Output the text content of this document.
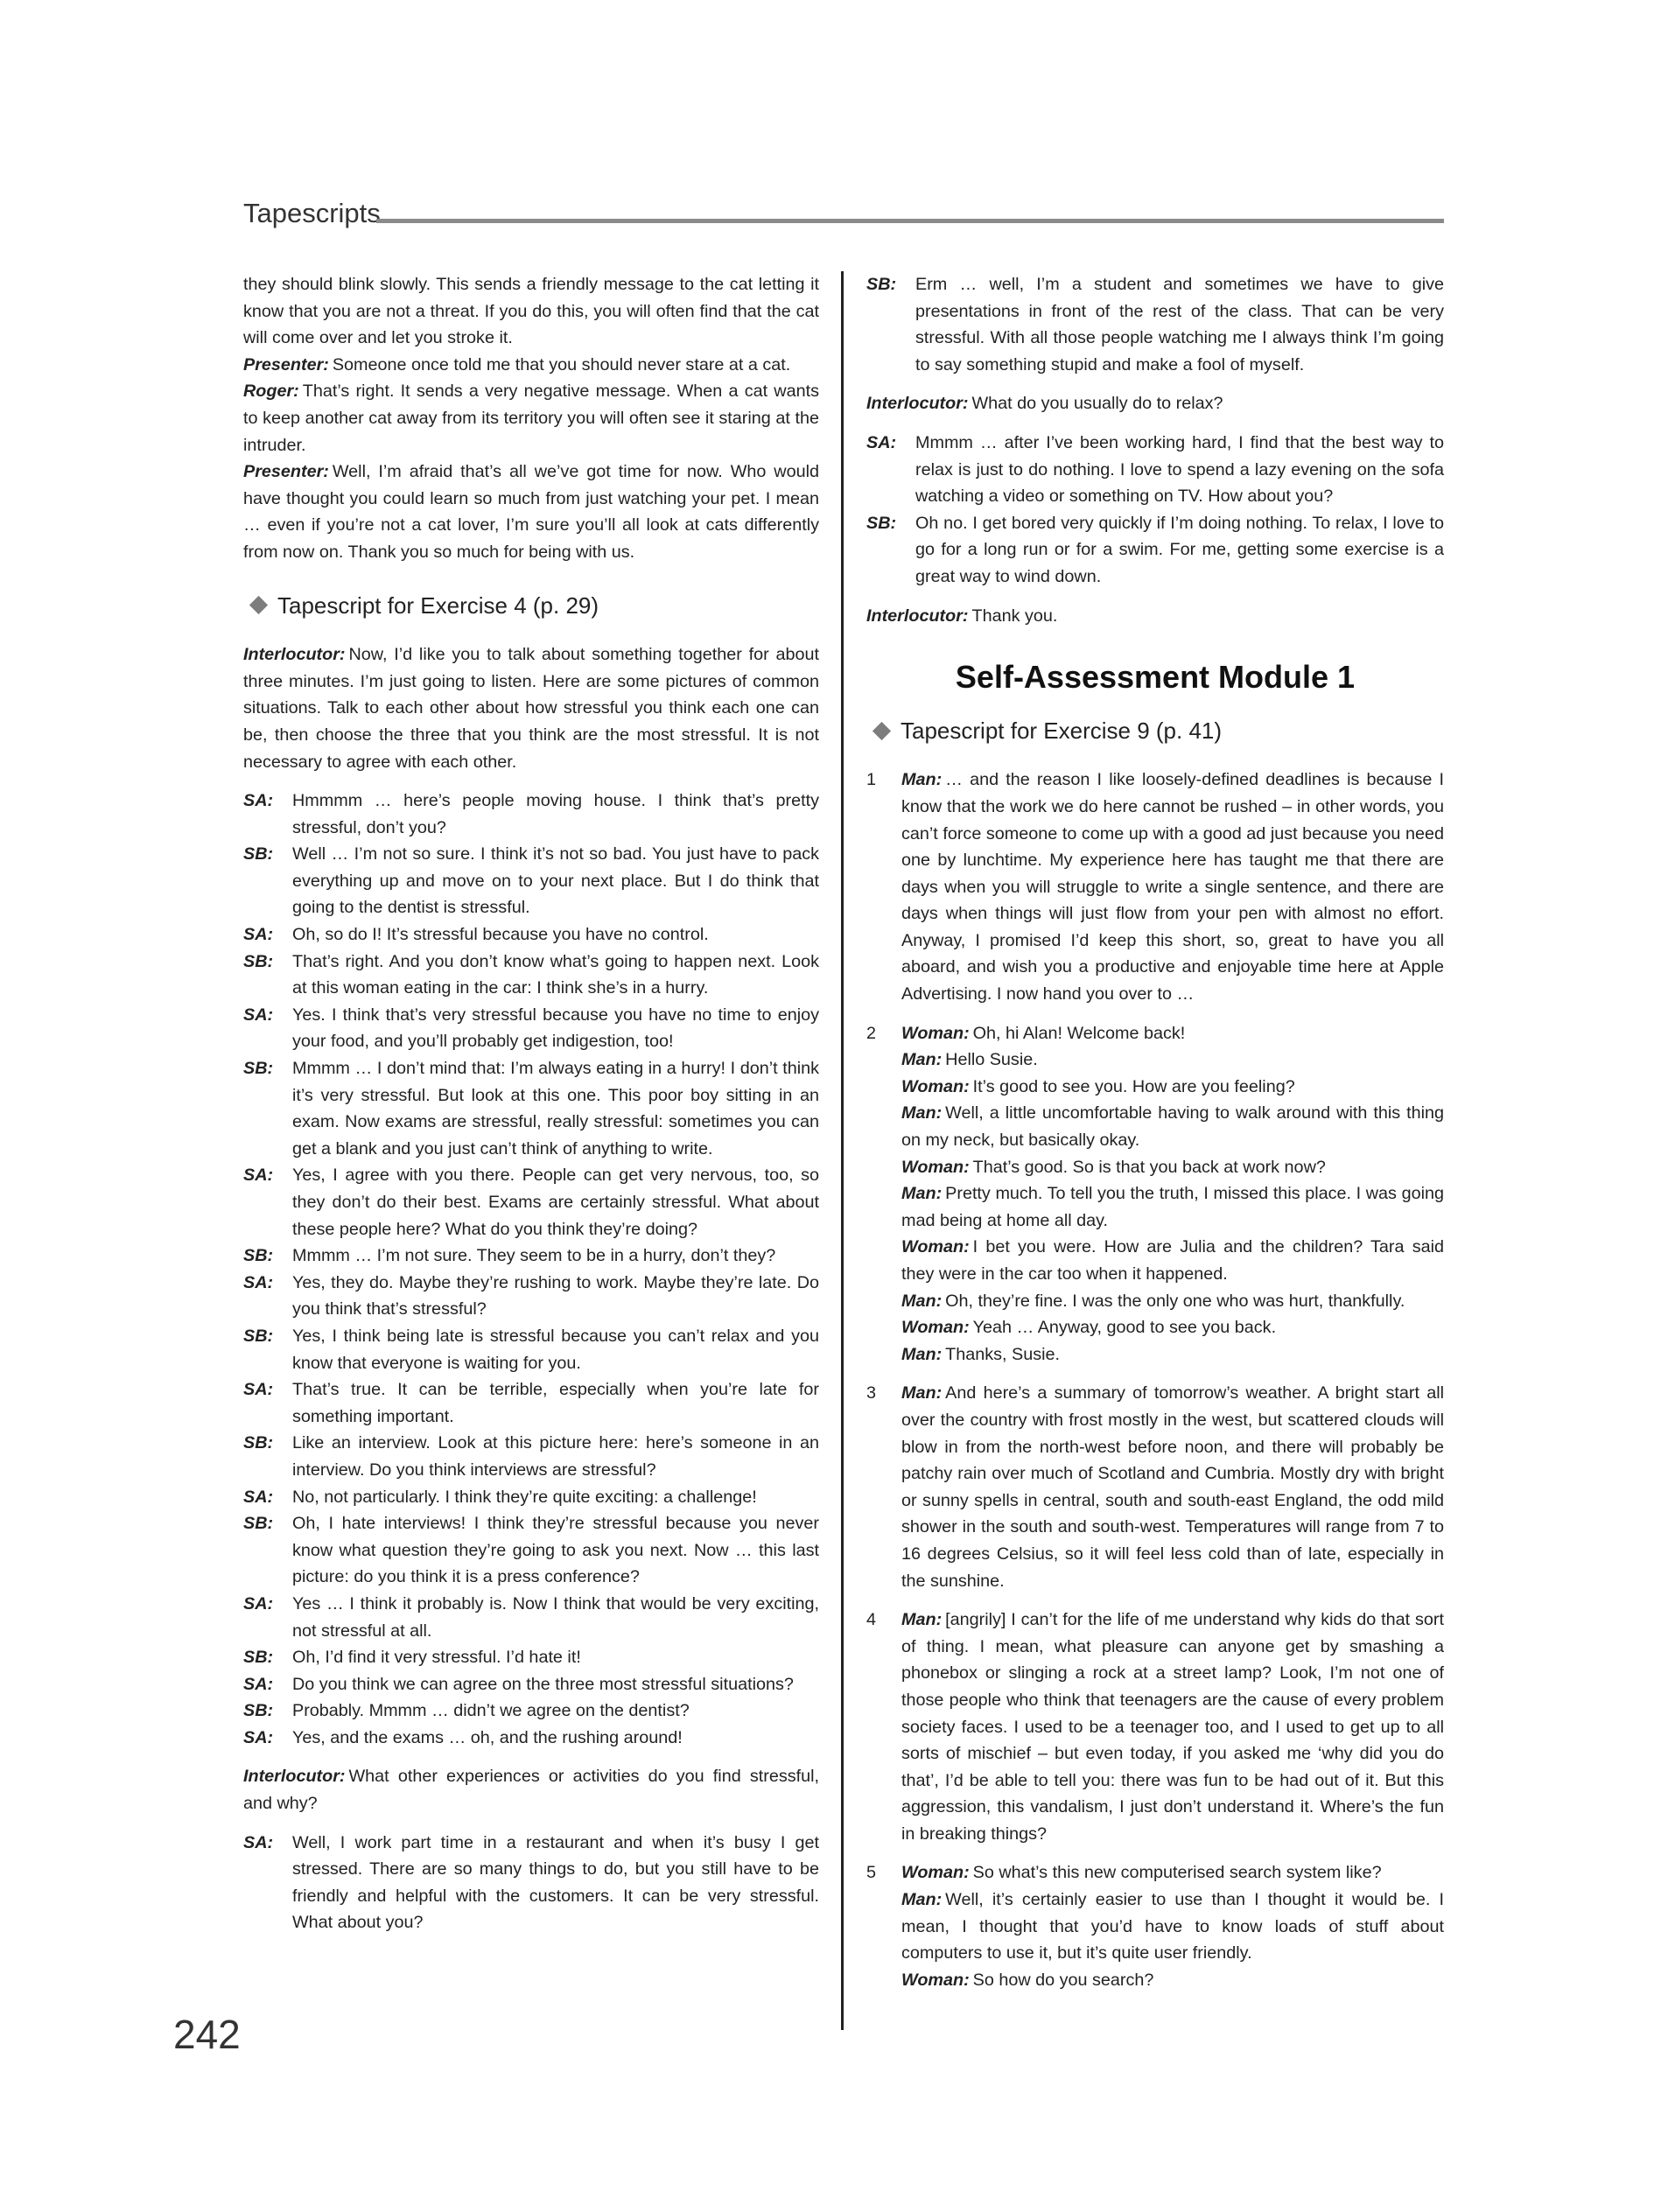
Tapescripts

they should blink slowly. This sends a friendly message to the cat letting it know that you are not a threat. If you do this, you will often find that the cat will come over and let you stroke it.

Presenter: Someone once told me that you should never stare at a cat.

Roger: That’s right. It sends a very negative message. When a cat wants to keep another cat away from its territory you will often see it staring at the intruder.

Presenter: Well, I’m afraid that’s all we’ve got time for now. Who would have thought you could learn so much from just watching your pet. I mean … even if you’re not a cat lover, I’m sure you’ll all look at cats differently from now on. Thank you so much for being with us.

Tapescript for Exercise 4 (p. 29)

Interlocutor: Now, I’d like you to talk about something together for about three minutes. I’m just going to listen. Here are some pictures of common situations. Talk to each other about how stressful you think each one can be, then choose the three that you think are the most stressful. It is not necessary to agree with each other.

SA:	Hmmmm … here’s people moving house. I think that’s pretty stressful, don’t you?
SB:	Well … I’m not so sure. I think it’s not so bad. You just have to pack everything up and move on to your next place. But I do think that going to the dentist is stressful.
SA:	Oh, so do I! It’s stressful because you have no control.
SB:	That’s right. And you don’t know what’s going to happen next. Look at this woman eating in the car: I think she’s in a hurry.
SA:	Yes. I think that’s very stressful because you have no time to enjoy your food, and you’ll probably get indigestion, too!
SB:	Mmmm … I don’t mind that: I’m always eating in a hurry! I don’t think it’s very stressful. But look at this one. This poor boy sitting in an exam. Now exams are stressful, really stressful: sometimes you can get a blank and you just can’t think of anything to write.
SA:	Yes, I agree with you there. People can get very nervous, too, so they don’t do their best. Exams are certainly stressful. What about these people here? What do you think they’re doing?
SB:	Mmmm … I’m not sure. They seem to be in a hurry, don’t they?
SA:	Yes, they do. Maybe they’re rushing to work. Maybe they’re late. Do you think that’s stressful?
SB:	Yes, I think being late is stressful because you can’t relax and you know that everyone is waiting for you.
SA:	That’s true. It can be terrible, especially when you’re late for something important.
SB:	Like an interview. Look at this picture here: here’s someone in an interview. Do you think interviews are stressful?
SA:	No, not particularly. I think they’re quite exciting: a challenge!
SB:	Oh, I hate interviews! I think they’re stressful because you never know what question they’re going to ask you next. Now … this last picture: do you think it is a press conference?
SA:	Yes … I think it probably is. Now I think that would be very exciting, not stressful at all.
SB:	Oh, I’d find it very stressful. I’d hate it!
SA:	Do you think we can agree on the three most stressful situations?
SB:	Probably. Mmmm … didn’t we agree on the dentist?
SA:	Yes, and the exams … oh, and the rushing around!

Interlocutor: What other experiences or activities do you find stressful, and why?

SA:	Well, I work part time in a restaurant and when it’s busy I get stressed. There are so many things to do, but you still have to be friendly and helpful with the customers. It can be very stressful. What about you?
SB:	Erm … well, I’m a student and sometimes we have to give presentations in front of the rest of the class. That can be very stressful. With all those people watching me I always think I’m going to say something stupid and make a fool of myself.

Interlocutor: What do you usually do to relax?

SA:	Mmmm … after I’ve been working hard, I find that the best way to relax is just to do nothing. I love to spend a lazy evening on the sofa watching a video or something on TV. How about you?
SB:	Oh no. I get bored very quickly if I’m doing nothing. To relax, I love to go for a long run or for a swim. For me, getting some exercise is a great way to wind down.

Interlocutor: Thank you.

Self-Assessment Module 1
Tapescript for Exercise 9 (p. 41)
1	Man: … and the reason I like loosely-defined deadlines is because I know that the work we do here cannot be rushed – in other words, you can’t force someone to come up with a good ad just because you need one by lunchtime. My experience here has taught me that there are days when you will struggle to write a single sentence, and there are days when things will just flow from your pen with almost no effort. Anyway, I promised I’d keep this short, so, great to have you all aboard, and wish you a productive and enjoyable time here at Apple Advertising. I now hand you over to …

2	Woman: Oh, hi Alan! Welcome back!

Man: Hello Susie.

Woman: It’s good to see you. How are you feeling?

Man: Well, a little uncomfortable having to walk around with this thing on my neck, but basically okay.

Woman: That’s good. So is that you back at work now?

Man: Pretty much. To tell you the truth, I missed this place. I was going mad being at home all day.

Woman: I bet you were. How are Julia and the children? Tara said they were in the car too when it happened.

Man: Oh, they’re fine. I was the only one who was hurt, thankfully.

Woman: Yeah … Anyway, good to see you back.

Man: Thanks, Susie.

3	Man: And here’s a summary of tomorrow’s weather. A bright start all over the country with frost mostly in the west, but scattered clouds will blow in from the north-west before noon, and there will probably be patchy rain over much of Scotland and Cumbria. Mostly dry with bright or sunny spells in central, south and south-east England, the odd mild shower in the south and south-west. Temperatures will range from 7 to 16 degrees Celsius, so it will feel less cold than of late, especially in the sunshine.

4	Man: [angrily] I can’t for the life of me understand why kids do that sort of thing. I mean, what pleasure can anyone get by smashing a phonebox or slinging a rock at a street lamp? Look, I’m not one of those people who think that teenagers are the cause of every problem society faces. I used to be a teenager too, and I used to get up to all sorts of mischief – but even today, if you asked me ‘why did you do that’, I’d be able to tell you: there was fun to be had out of it. But this aggression, this vandalism, I just don’t understand it. Where’s the fun in breaking things?

5	Woman: So what’s this new computerised search system like?

Man: Well, it’s certainly easier to use than I thought it would be. I mean, I thought that you’d have to know loads of stuff about computers to use it, but it’s quite user friendly.

Woman: So how do you search?

242
